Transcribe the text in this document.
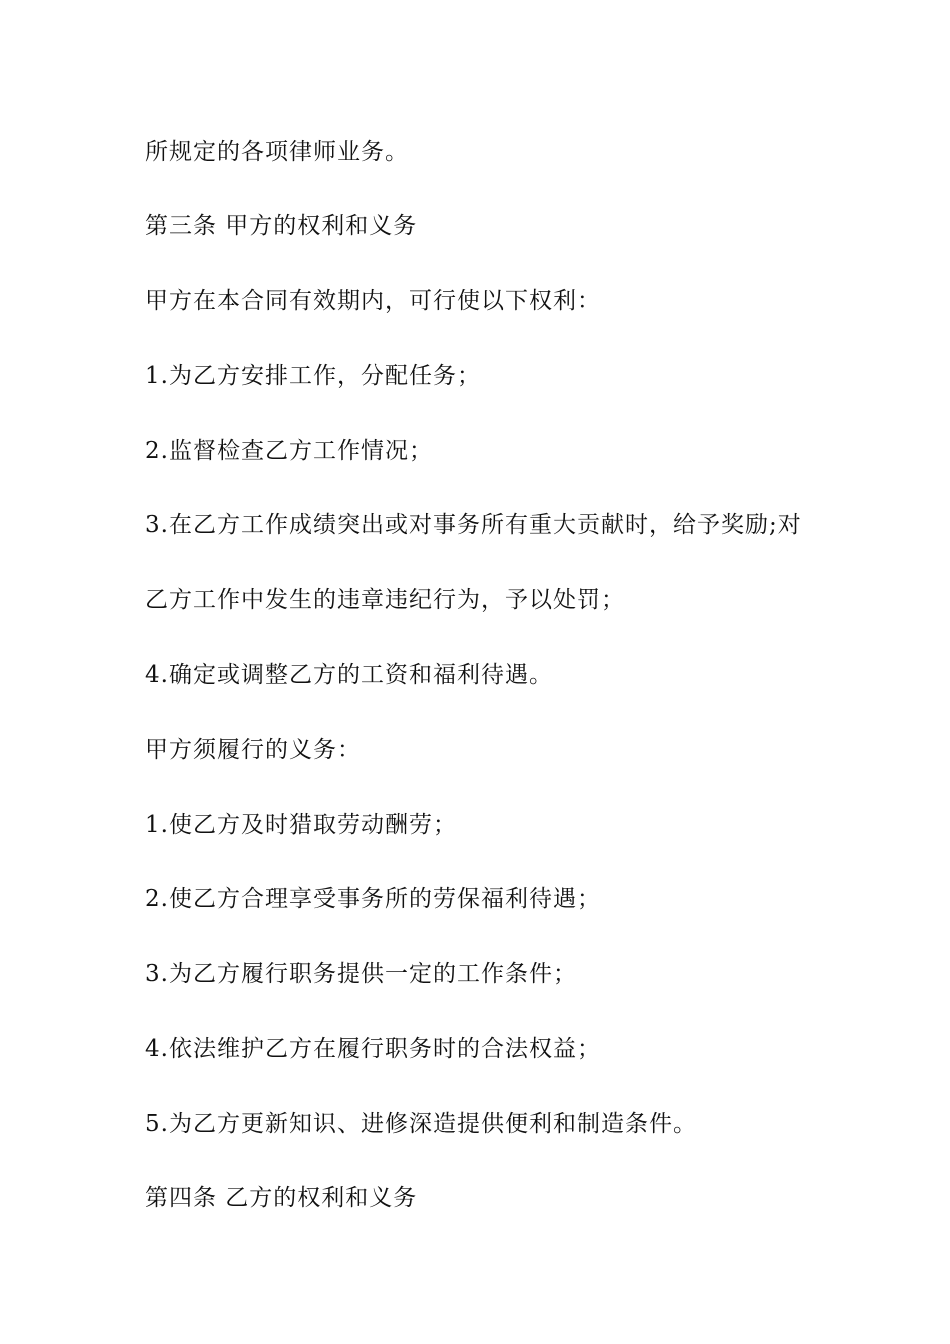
所规定的各项律师业务。
第三条 甲方的权利和义务
甲方在本合同有效期内，可行使以下权利：
1.为乙方安排工作，分配任务；
2.监督检查乙方工作情况；
3.在乙方工作成绩突出或对事务所有重大贡献时，给予奖励;对
乙方工作中发生的违章违纪行为，予以处罚；
4.确定或调整乙方的工资和福利待遇。
甲方须履行的义务：
1.使乙方及时猎取劳动酬劳；
2.使乙方合理享受事务所的劳保福利待遇；
3.为乙方履行职务提供一定的工作条件；
4.依法维护乙方在履行职务时的合法权益；
5.为乙方更新知识、进修深造提供便利和制造条件。
第四条 乙方的权利和义务
